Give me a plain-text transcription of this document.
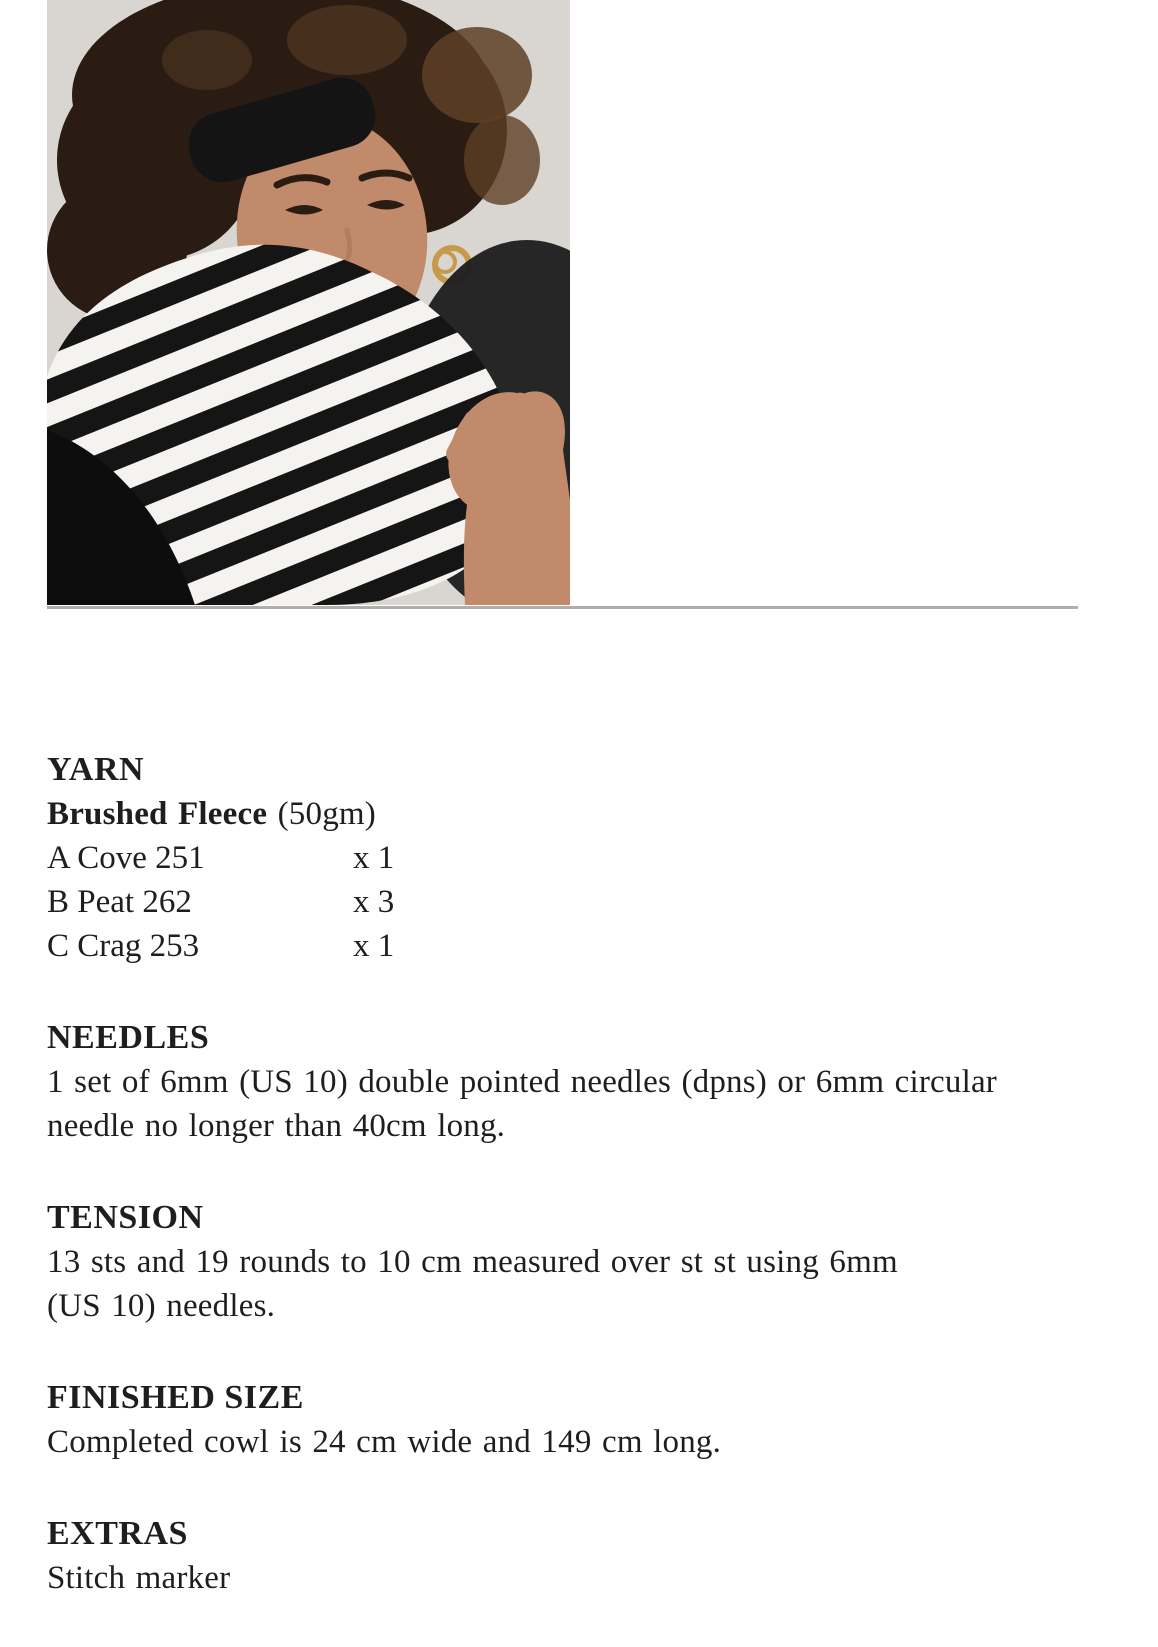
YARN
Brushed Fleece (50gm)
A Cove 251	x 1
B Peat 262	x 3
C Crag 253	x 1
NEEDLES
1 set of 6mm (US 10) double pointed needles (dpns) or 6mm circular
needle no longer than 40cm long.
TENSION
13 sts and 19 rounds to 10 cm measured over st st using 6mm
(US 10) needles.
FINISHED SIZE
Completed cowl is 24 cm wide and 149 cm long.
EXTRAS
Stitch marker
